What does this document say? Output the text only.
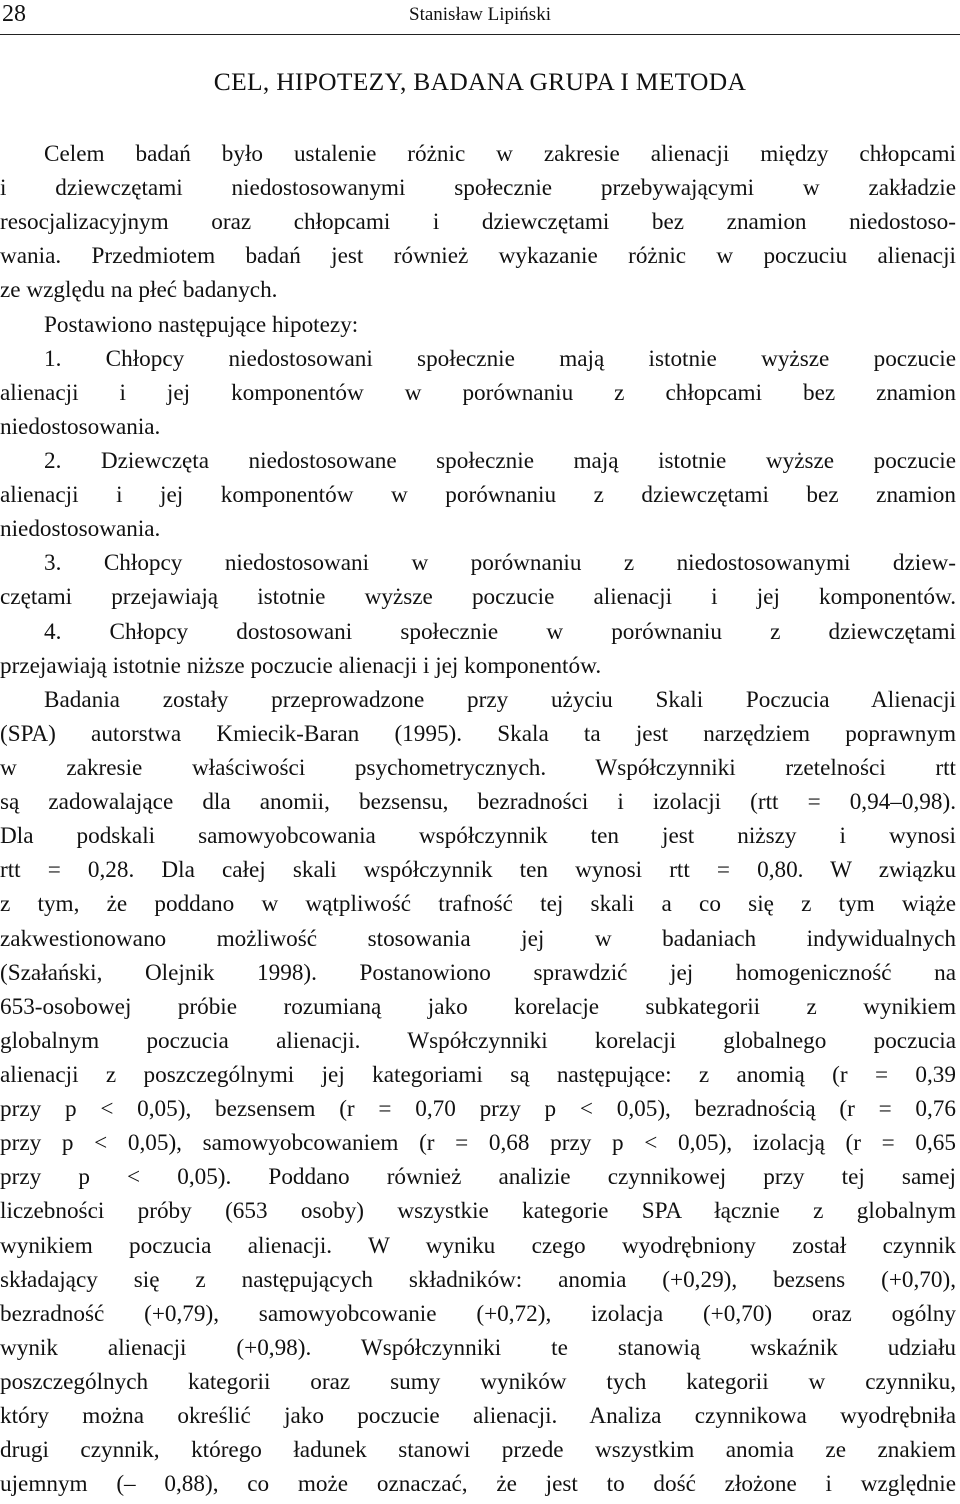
28	Stanisław Lipiński
CEL, HIPOTEZY, BADANA GRUPA I METODA
Celem badań było ustalenie różnic w zakresie alienacji między chłopcami
i dziewczętami niedostosowanymi społecznie przebywającymi w zakładzie
resocjalizacyjnym oraz chłopcami i dziewczętami bez znamion niedostoso-
wania. Przedmiotem badań jest również wykazanie różnic w poczuciu alienacji
ze względu na płeć badanych.
Postawiono następujące hipotezy:
1. Chłopcy niedostosowani społecznie mają istotnie wyższe poczucie
alienacji i jej komponentów w porównaniu z chłopcami bez znamion
niedostosowania.
2. Dziewczęta niedostosowane społecznie mają istotnie wyższe poczucie
alienacji i jej komponentów w porównaniu z dziewczętami bez znamion
niedostosowania.
3. Chłopcy niedostosowani w porównaniu z niedostosowanymi dziew-
czętami przejawiają istotnie wyższe poczucie alienacji i jej komponentów.
4. Chłopcy dostosowani społecznie w porównaniu z dziewczętami
przejawiają istotnie niższe poczucie alienacji i jej komponentów.
Badania zostały przeprowadzone przy użyciu Skali Poczucia Alienacji
(SPA) autorstwa Kmiecik-Baran (1995). Skala ta jest narzędziem poprawnym
w zakresie właściwości psychometrycznych. Współczynniki rzetelności rtt
są zadowalające dla anomii, bezsensu, bezradności i izolacji (rtt = 0,94–0,98).
Dla podskali samowyobcowania współczynnik ten jest niższy i wynosi
rtt = 0,28. Dla całej skali współczynnik ten wynosi rtt = 0,80. W związku
z tym, że poddano w wątpliwość trafność tej skali a co się z tym wiąże
zakwestionowano możliwość stosowania jej w badaniach indywidualnych
(Szałański, Olejnik 1998). Postanowiono sprawdzić jej homogeniczność na
653-osobowej próbie rozumianą jako korelacje subkategorii z wynikiem
globalnym poczucia alienacji. Współczynniki korelacji globalnego poczucia
alienacji z poszczególnymi jej kategoriami są następujące: z anomią (r = 0,39
przy p < 0,05), bezsensem (r = 0,70 przy p < 0,05), bezradnością (r = 0,76
przy p < 0,05), samowyobcowaniem (r = 0,68 przy p < 0,05), izolacją (r = 0,65
przy p < 0,05). Poddano również analizie czynnikowej przy tej samej
liczebności próby (653 osoby) wszystkie kategorie SPA łącznie z globalnym
wynikiem poczucia alienacji. W wyniku czego wyodrębniony został czynnik
składający się z następujących składników: anomia (+0,29), bezsens (+0,70),
bezradność (+0,79), samowyobcowanie (+0,72), izolacja (+0,70) oraz ogólny
wynik alienacji (+0,98). Współczynniki te stanowią wskaźnik udziału
poszczególnych kategorii oraz sumy wyników tych kategorii w czynniku,
który można określić jako poczucie alienacji. Analiza czynnikowa wyodrębniła
drugi czynnik, którego ładunek stanowi przede wszystkim anomia ze znakiem
ujemnym (– 0,88), co może oznaczać, że jest to dość złożone i względnie
